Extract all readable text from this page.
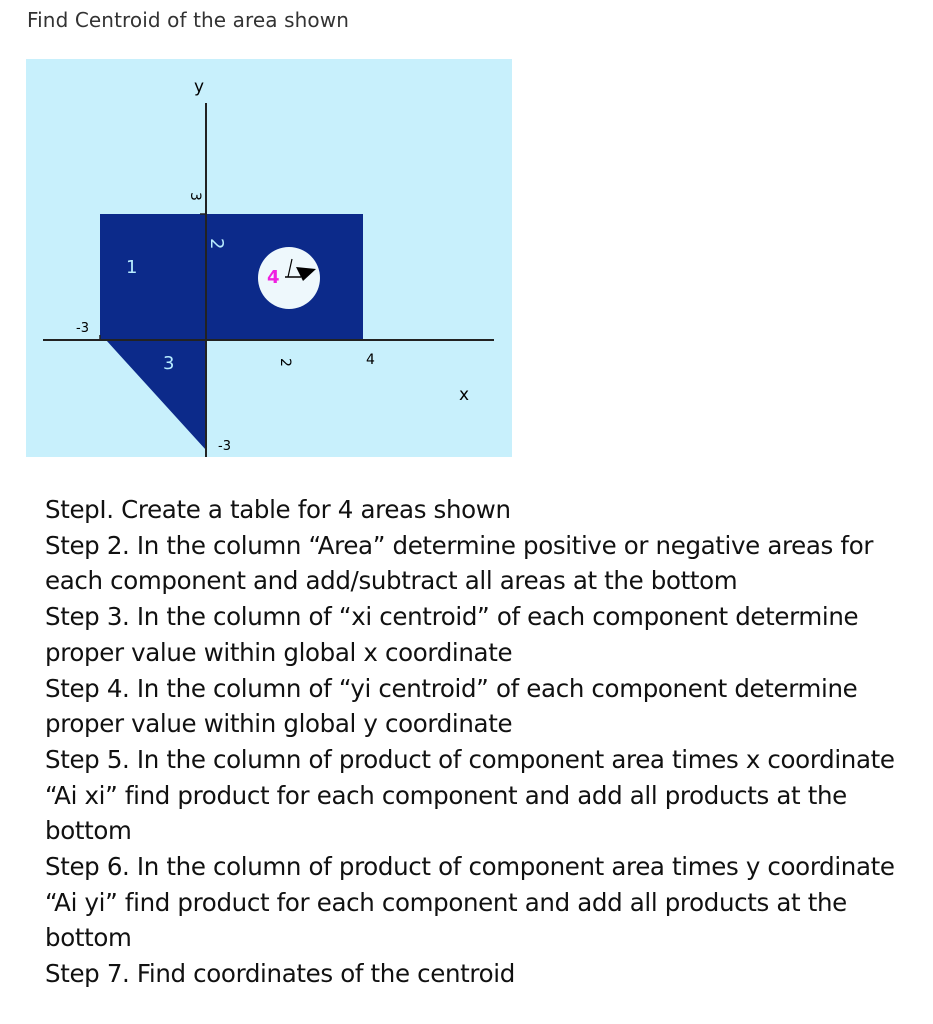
Find Centroid of the area shown
y
x
3
-3
-3
2	4
1
2
3
4
StepI. Create a table for 4 areas shown
Step 2. In the column “Area” determine positive or negative areas for each component and add/subtract all areas at the bottom
Step 3. In the column of “xi centroid” of each component determine proper value within global x coordinate
Step 4. In the column of “yi centroid” of each component determine proper value within global y coordinate
Step 5. In the column of product of component area times x coordinate “Ai xi” find product for each component and add all products at the bottom
Step 6. In the column of product of component area times y coordinate “Ai yi” find product for each component and add all products at the bottom
Step 7. Find coordinates of the centroid
